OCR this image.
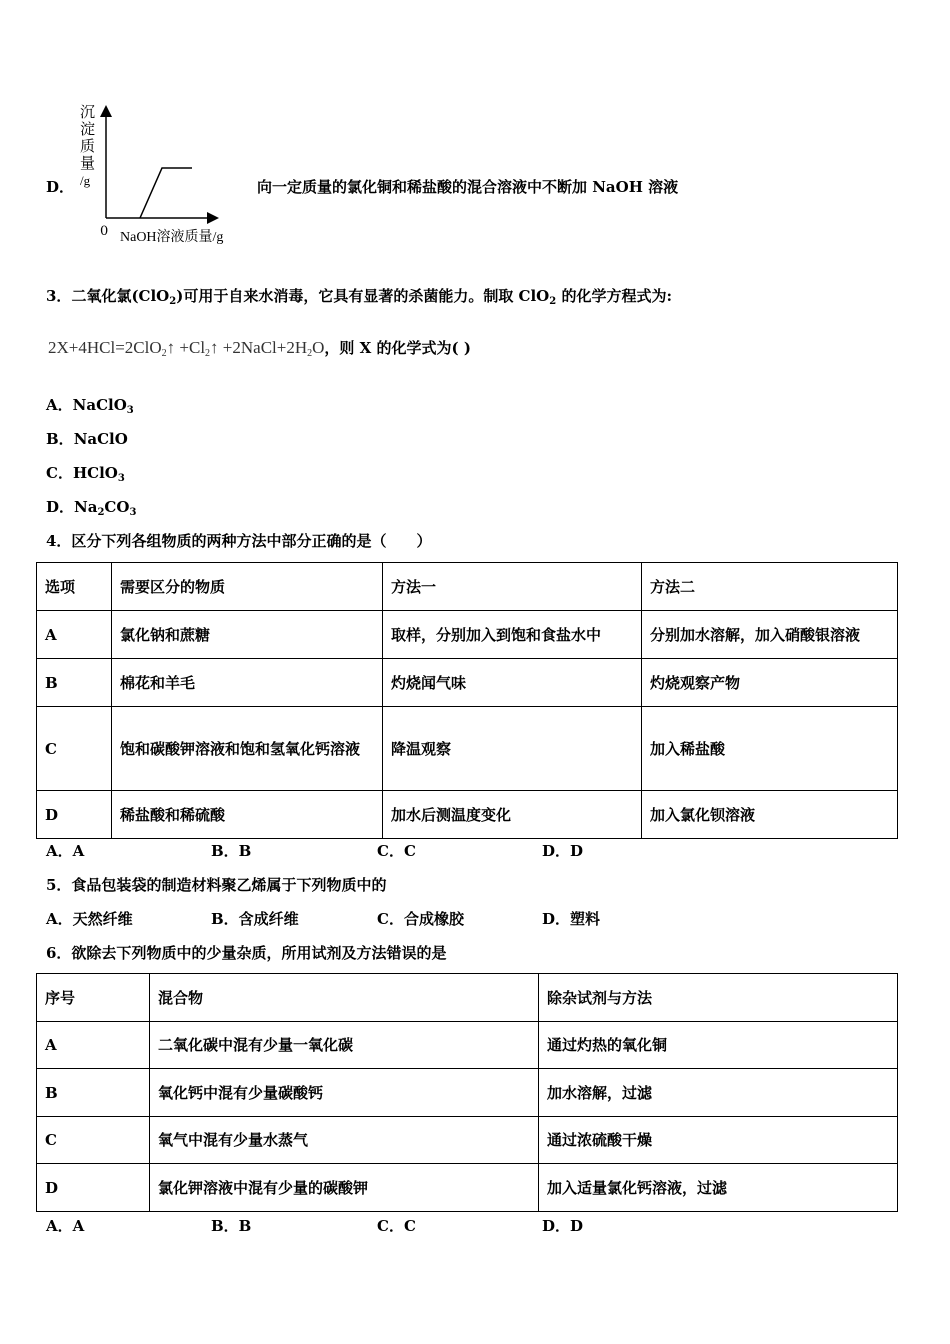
D．
沉
淀
质
量
/g
0 NaOH溶液质量/g
向一定质量的氯化铜和稀盐酸的混合溶液中不断加 NaOH 溶液
3．二氧化氯(ClO$_2$)可用于自来水消毒，它具有显著的杀菌能力。制取 ClO$_2$ 的化学方程式为:
2X+4HCl=2ClO$_2$↑ $+Cl_2↑$ $+2NaCl+2H_2O$，则 X 的化学式为( )
A．NaClO$_3$
B．NaClO
C．HClO$_3$
D．$Na_2CO_3$
4．区分下列各组物质的两种方法中部分正确的是（　　）
选项	需要区分的物质	方法一	方法二
A	氯化钠和蔗糖	取样，分别加入到饱和食盐水中	分别加水溶解，加入硝酸银溶液
B	棉花和羊毛	灼烧闻气味	灼烧观察产物
C	饱和碳酸钾溶液和饱和氢氧化钙溶液	降温观察	加入稀盐酸
D	稀盐酸和稀硫酸	加水后测温度变化	加入氯化钡溶液
A．A	B．B	C．C	D．D
5．食品包装袋的制造材料聚乙烯属于下列物质中的
A．天然纤维	B．含成纤维	C．合成橡胶	D．塑料
6．欲除去下列物质中的少量杂质，所用试剂及方法错误的是
序号	混合物	除杂试剂与方法
A	二氧化碳中混有少量一氧化碳	通过灼热的氧化铜
B	氧化钙中混有少量碳酸钙	加水溶解，过滤
C	氧气中混有少量水蒸气	通过浓硫酸干燥
D	氯化钾溶液中混有少量的碳酸钾	加入适量氯化钙溶液，过滤
A．A	B．B	C．C	D．D
